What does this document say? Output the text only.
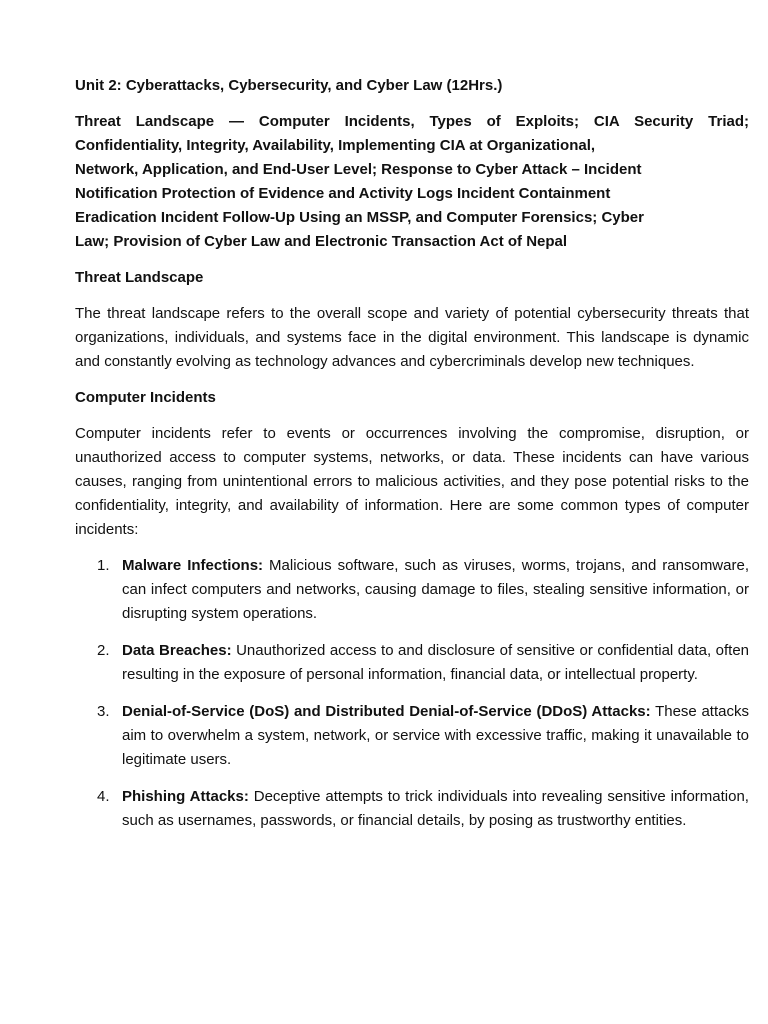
Unit 2: Cyberattacks, Cybersecurity, and Cyber Law (12Hrs.)
Threat Landscape — Computer Incidents, Types of Exploits; CIA Security Triad;
Confidentiality, Integrity, Availability, Implementing CIA at Organizational,
Network, Application, and End-User Level; Response to Cyber Attack – Incident
Notification Protection of Evidence and Activity Logs Incident Containment
Eradication Incident Follow-Up Using an MSSP, and Computer Forensics; Cyber
Law; Provision of Cyber Law and Electronic Transaction Act of Nepal
Threat Landscape

The threat landscape refers to the overall scope and variety of potential cybersecurity threats that organizations, individuals, and systems face in the digital environment. This landscape is dynamic and constantly evolving as technology advances and cybercriminals develop new techniques.

Computer Incidents

Computer incidents refer to events or occurrences involving the compromise, disruption, or unauthorized access to computer systems, networks, or data. These incidents can have various causes, ranging from unintentional errors to malicious activities, and they pose potential risks to the confidentiality, integrity, and availability of information. Here are some common types of computer incidents:

1. Malware Infections: Malicious software, such as viruses, worms, trojans, and ransomware, can infect computers and networks, causing damage to files, stealing sensitive information, or disrupting system operations.
2. Data Breaches: Unauthorized access to and disclosure of sensitive or confidential data, often resulting in the exposure of personal information, financial data, or intellectual property.
3. Denial-of-Service (DoS) and Distributed Denial-of-Service (DDoS) Attacks: These attacks aim to overwhelm a system, network, or service with excessive traffic, making it unavailable to legitimate users.
4. Phishing Attacks: Deceptive attempts to trick individuals into revealing sensitive information, such as usernames, passwords, or financial details, by posing as trustworthy entities.
